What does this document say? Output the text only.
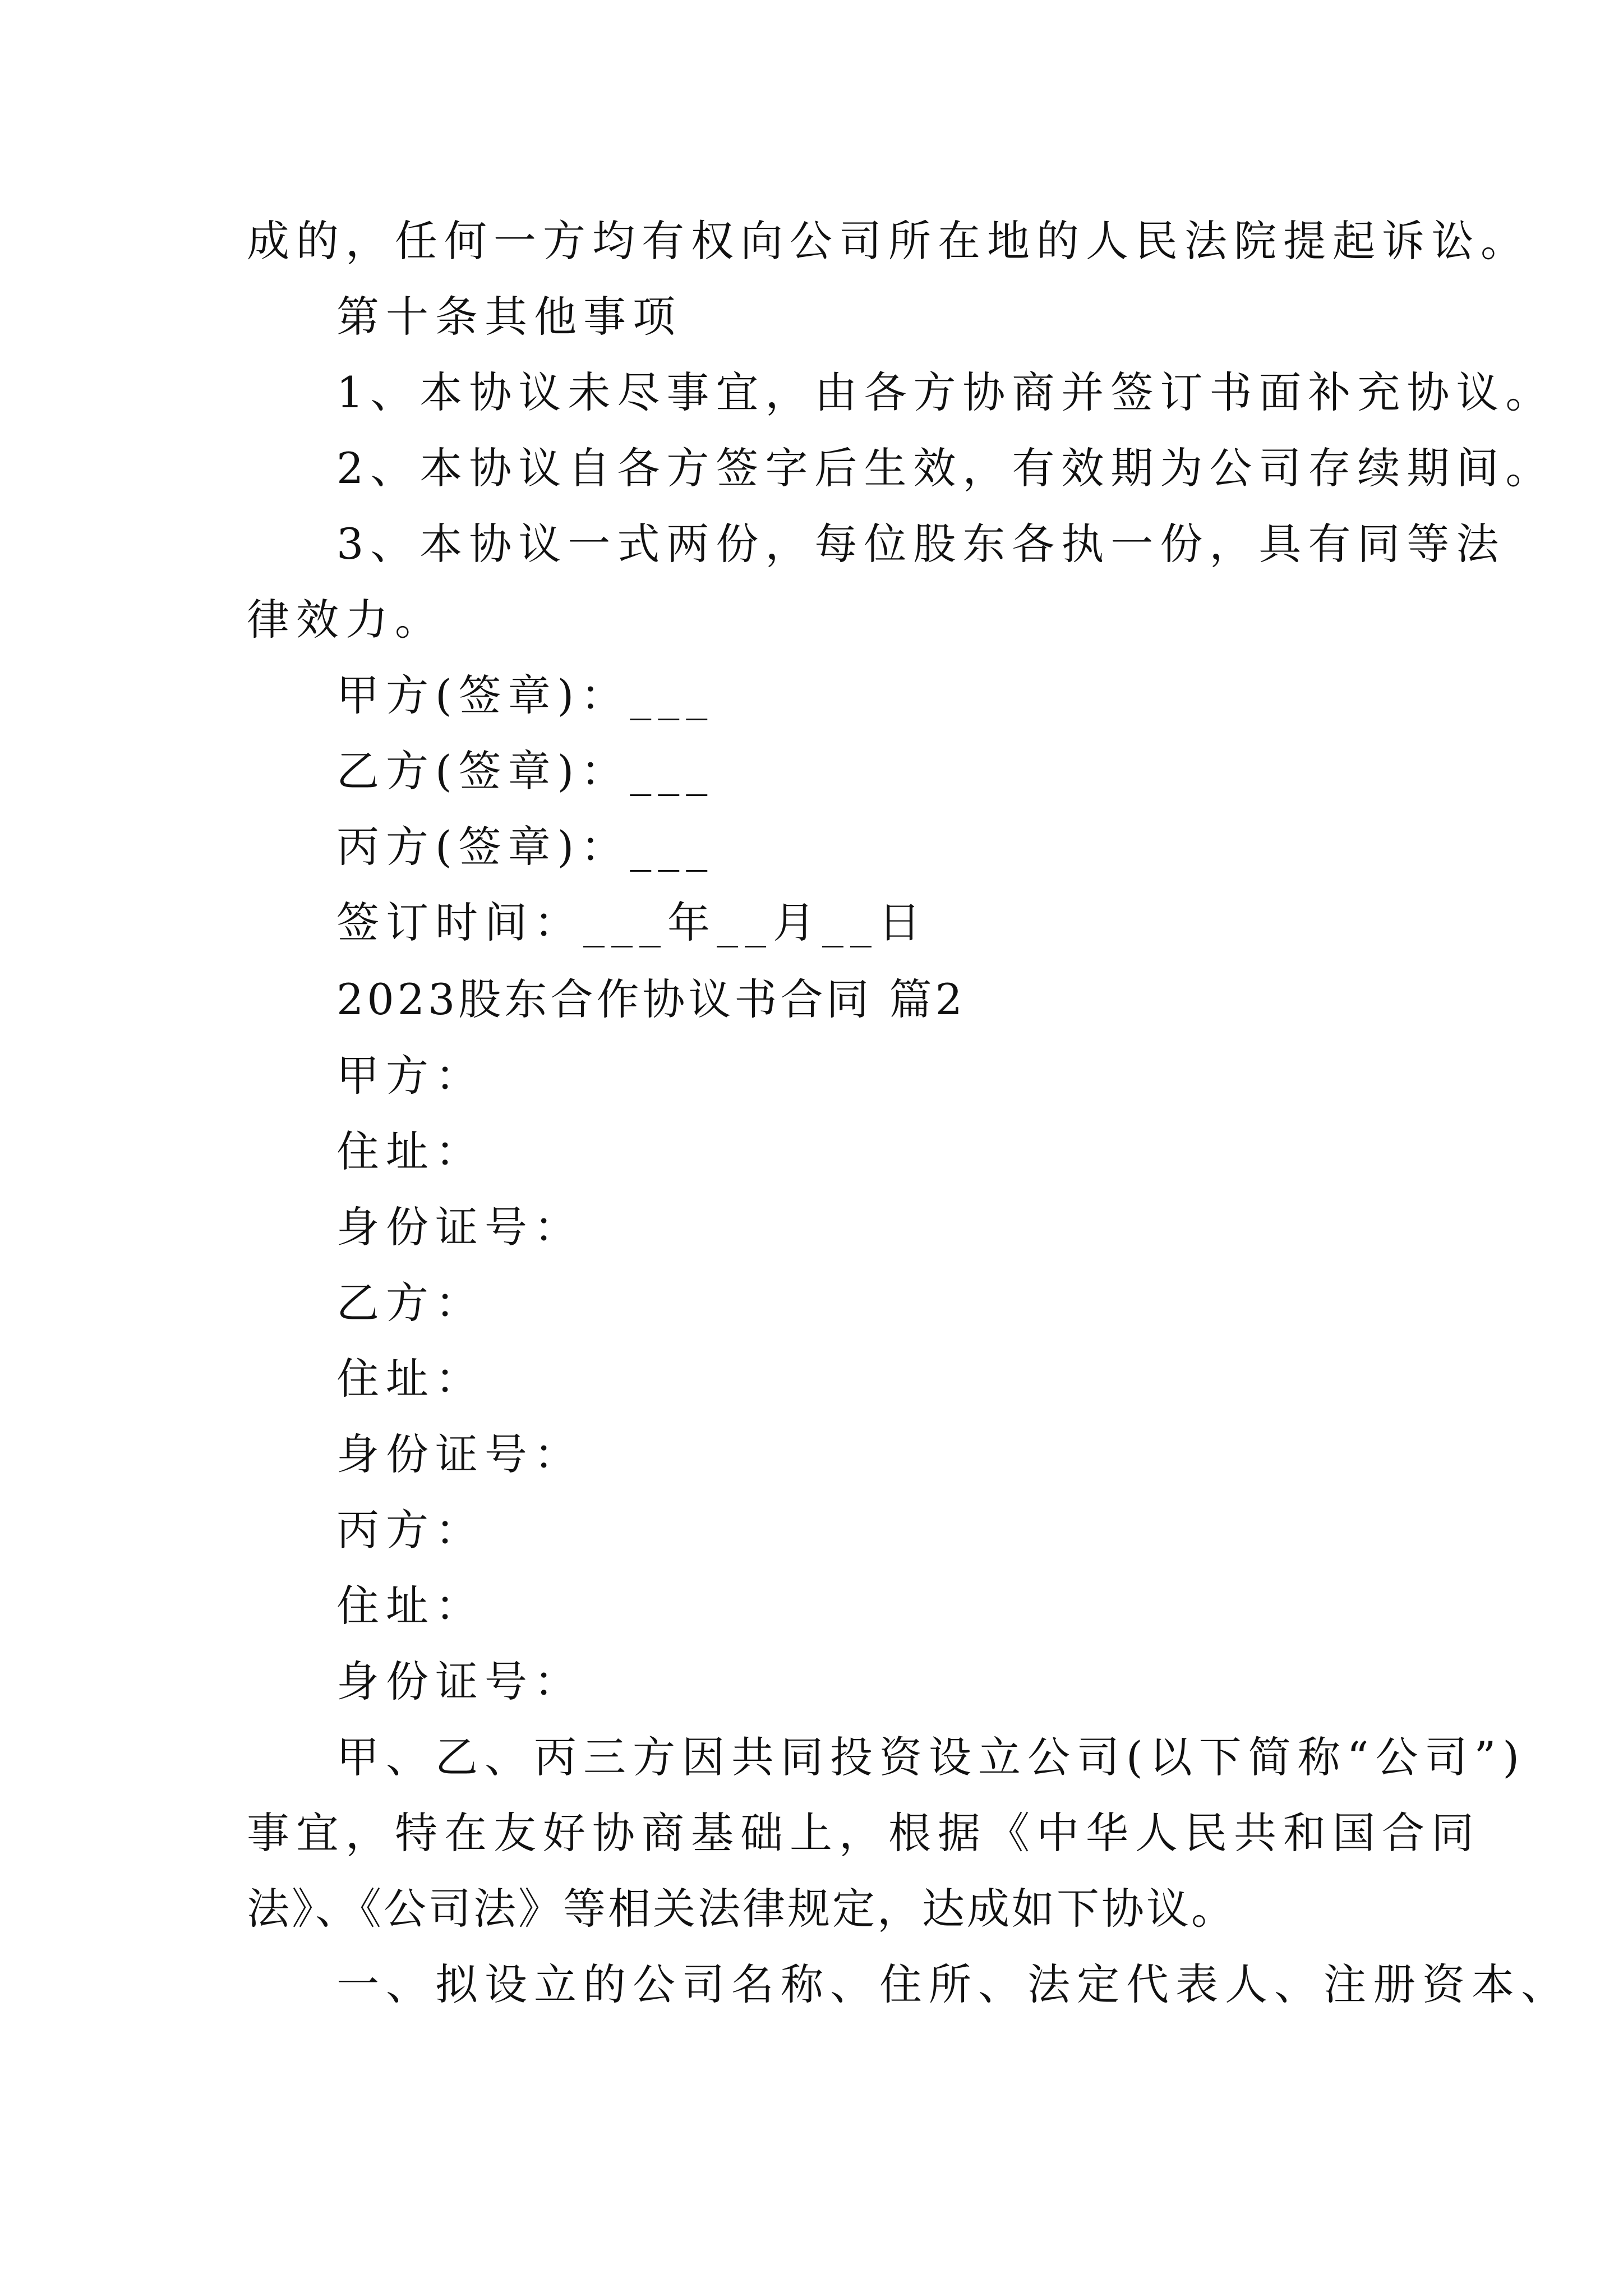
成的，任何一方均有权向公司所在地的人民法院提起诉讼。
第十条其他事项
1、本协议未尽事宜，由各方协商并签订书面补充协议。
2、本协议自各方签字后生效，有效期为公司存续期间。
3、本协议一式两份，每位股东各执一份，具有同等法
律效力。
甲方(签章)：___
乙方(签章)：___
丙方(签章)：___
签订时间：___年__月__日
2023股东合作协议书合同 篇2
甲方：
住址：
身份证号：
乙方：
住址：
身份证号：
丙方：
住址：
身份证号：
甲、乙、丙三方因共同投资设立公司(以下简称“公司”)
事宜，特在友好协商基础上，根据《中华人民共和国合同
法》、《公司法》等相关法律规定，达成如下协议。
一、拟设立的公司名称、住所、法定代表人、注册资本、
